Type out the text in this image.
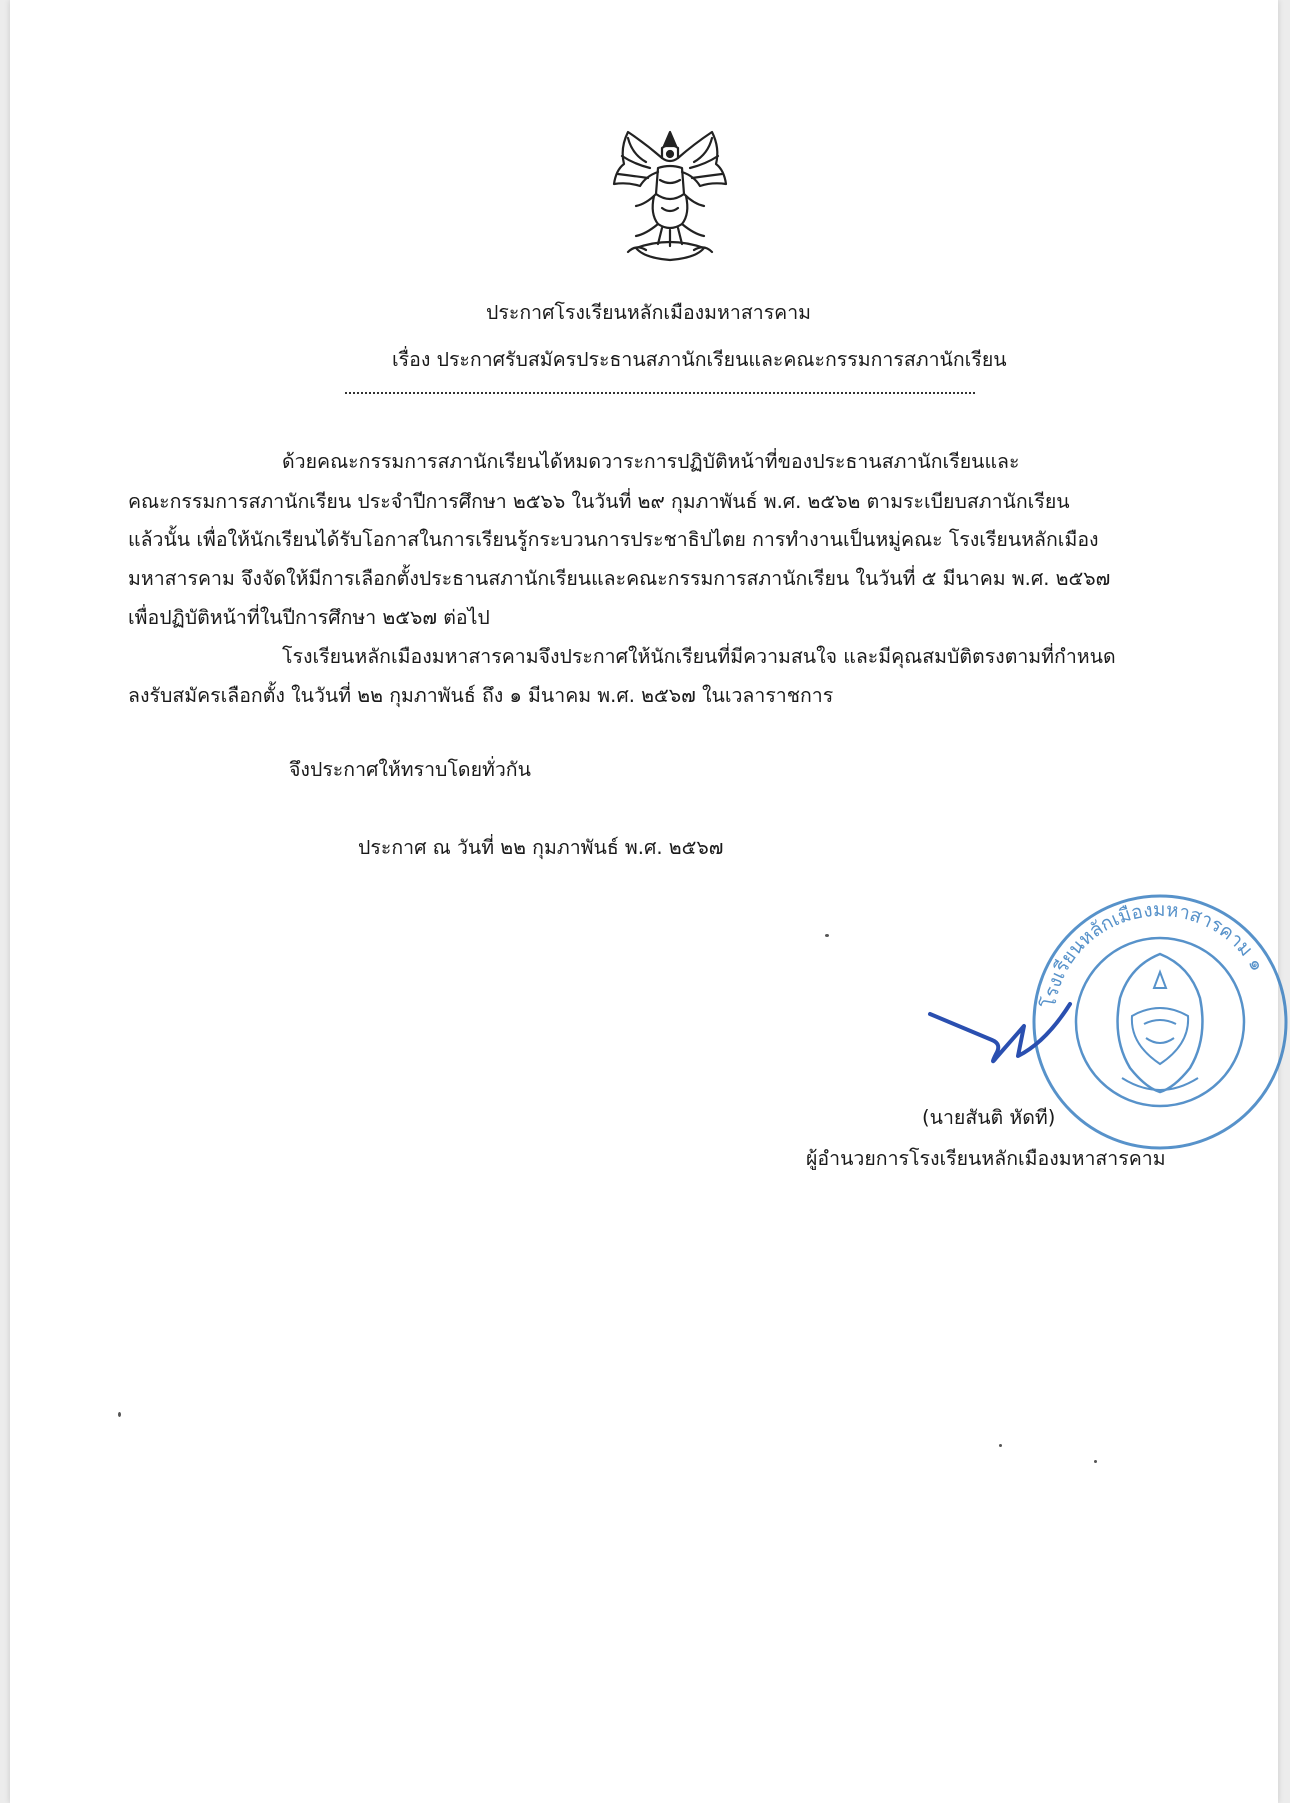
ประกาศโรงเรียนหลักเมืองมหาสารคาม
เรื่อง ประกาศรับสมัครประธานสภานักเรียนและคณะกรรมการสภานักเรียน
ด้วยคณะกรรมการสภานักเรียนได้หมดวาระการปฏิบัติหน้าที่ของประธานสภานักเรียนและ
คณะกรรมการสภานักเรียน ประจำปีการศึกษา ๒๕๖๖ ในวันที่ ๒๙ กุมภาพันธ์ พ.ศ. ๒๕๖๒ ตามระเบียบสภานักเรียน
แล้วนั้น เพื่อให้นักเรียนได้รับโอกาสในการเรียนรู้กระบวนการประชาธิปไตย การทำงานเป็นหมู่คณะ โรงเรียนหลักเมือง
มหาสารคาม จึงจัดให้มีการเลือกตั้งประธานสภานักเรียนและคณะกรรมการสภานักเรียน ในวันที่ ๕ มีนาคม พ.ศ. ๒๕๖๗
เพื่อปฏิบัติหน้าที่ในปีการศึกษา ๒๕๖๗ ต่อไป
โรงเรียนหลักเมืองมหาสารคามจึงประกาศให้นักเรียนที่มีความสนใจ และมีคุณสมบัติตรงตามที่กำหนด
ลงรับสมัครเลือกตั้ง ในวันที่ ๒๒ กุมภาพันธ์ ถึง ๑ มีนาคม พ.ศ. ๒๕๖๗ ในเวลาราชการ
จึงประกาศให้ทราบโดยทั่วกัน
ประกาศ ณ วันที่ ๒๒ กุมภาพันธ์ พ.ศ. ๒๕๖๗
โรงเรียนหลักเมืองมหาสารคาม ๑
(นายสันติ หัดที)
ผู้อำนวยการโรงเรียนหลักเมืองมหาสารคาม
